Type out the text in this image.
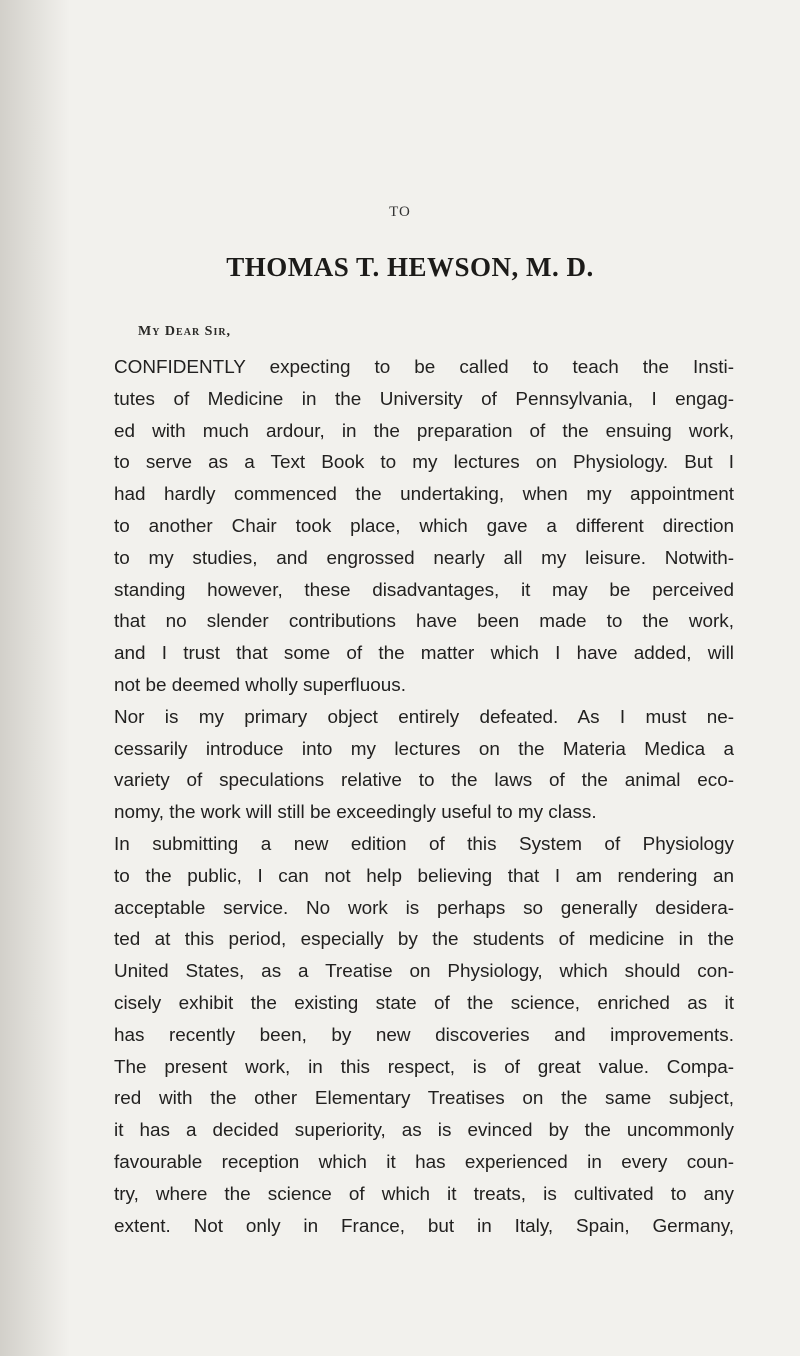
TO
THOMAS T. HEWSON, M. D.
My Dear Sir,

CONFIDENTLY expecting to be called to teach the Insti-
tutes of Medicine in the University of Pennsylvania, I engag-
ed with much ardour, in the preparation of the ensuing work,
to serve as a Text Book to my lectures on Physiology. But I
had hardly commenced the undertaking, when my appointment
to another Chair took place, which gave a different direction
to my studies, and engrossed nearly all my leisure. Notwith-
standing however, these disadvantages, it may be perceived
that no slender contributions have been made to the work,
and I trust that some of the matter which I have added, will
not be deemed wholly superfluous.

Nor is my primary object entirely defeated. As I must ne-
cessarily introduce into my lectures on the Materia Medica a
variety of speculations relative to the laws of the animal eco-
nomy, the work will still be exceedingly useful to my class.

In submitting a new edition of this System of Physiology
to the public, I can not help believing that I am rendering an
acceptable service. No work is perhaps so generally desidera-
ted at this period, especially by the students of medicine in the
United States, as a Treatise on Physiology, which should con-
cisely exhibit the existing state of the science, enriched as it
has recently been, by new discoveries and improvements.
The present work, in this respect, is of great value. Compa-
red with the other Elementary Treatises on the same subject,
it has a decided superiority, as is evinced by the uncommonly
favourable reception which it has experienced in every coun-
try, where the science of which it treats, is cultivated to any
extent. Not only in France, but in Italy, Spain, Germany,
